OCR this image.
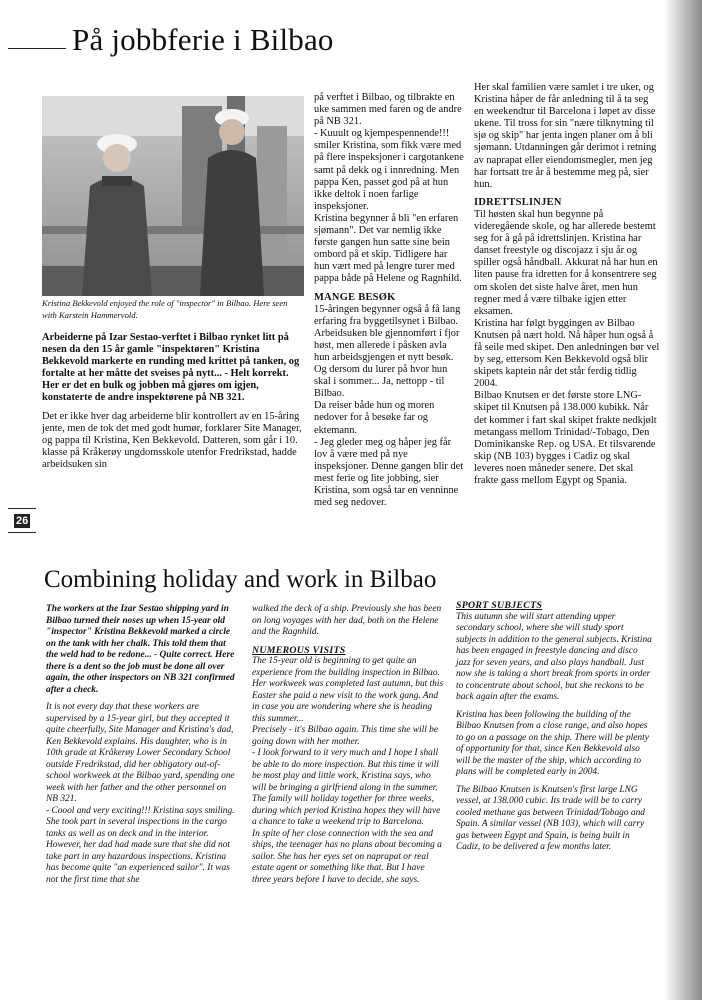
På jobbferie i Bilbao
Kristina Bekkevold enjoyed the role of "inspector" in Bilbao. Here seen with Karstein Hammervold.

Arbeiderne på Izar Sestao-verftet i Bilbao rynket litt på nesen da den 15 år gamle "inspektøren" Kristina Bekkevold markerte en runding med krittet på tanken, og fortalte at her måtte det sveises på nytt... - Helt korrekt. Her er det en bulk og jobben må gjøres om igjen, konstaterte de andre inspektørene på NB 321.

Det er ikke hver dag arbeiderne blir kontrollert av en 15-åring jente, men de tok det med godt humør, forklarer Site Manager, og pappa til Kristina, Ken Bekkevold. Datteren, som går i 10. klasse på Kråkerøy ungdomsskole utenfor Fredrikstad, hadde arbeidsuken sin

på verftet i Bilbao, og tilbrakte en uke sammen med faren og de andre på NB 321.

- Kuuult og kjempespennende!!! smiler Kristina, som fikk være med på flere inspeksjoner i cargotankene samt på dekk og i innredning. Men pappa Ken, passet god på at hun ikke deltok i noen farlige inspeksjoner.

Kristina begynner å bli "en erfaren sjømann". Det var nemlig ikke første gangen hun satte sine bein ombord på et skip. Tidligere har hun vært med på lengre turer med pappa både på Helene og Ragnhild.

MANGE BESØK

15-åringen begynner også å få lang erfaring fra byggetilsynet i Bilbao. Arbeidsuken ble gjennomført i fjor høst, men allerede i påsken avla hun arbeidsgjengen et nytt besøk. Og dersom du lurer på hvor hun skal i sommer... Ja, nettopp - til Bilbao.

Da reiser både hun og moren nedover for å besøke far og ektemann.

- Jeg gleder meg og håper jeg får lov å være med på nye inspeksjoner. Denne gangen blir det mest ferie og lite jobbing, sier Kristina, som også tar en venninne med seg nedover.

Her skal familien være samlet i tre uker, og Kristina håper de får anledning til å ta seg en weekendtur til Barcelona i løpet av disse ukene. Til tross for sin "nære tilknytning til sjø og skip" har jenta ingen planer om å bli sjømann. Utdanningen går derimot i retning av naprapat eller eiendomsmegler, men jeg har fortsatt tre år å bestemme meg på, sier hun.

IDRETTSLINJEN

Til høsten skal hun begynne på videregående skole, og har allerede bestemt seg for å gå på idrettslinjen. Kristina har danset freestyle og discojazz i sju år og spiller også håndball. Akkurat nå har hun en liten pause fra idretten for å konsentrere seg om skolen det siste halve året, men hun regner med å være tilbake igjen etter eksamen.

Kristina har følgt byggingen av Bilbao Knutsen på nært hold. Nå håper hun også å få seile med skipet. Den anledningen bør vel by seg, ettersom Ken Bekkevold også blir skipets kaptein når det står ferdig tidlig 2004.

Bilbao Knutsen er det første store LNG-skipet til Knutsen på 138.000 kubikk. Når det kommer i fart skal skipet frakte nedkjølt metangass mellom Trinidad/-Tobago, Den Dominikanske Rep. og USA. Et tilsvarende skip (NB 103) bygges i Cadiz og skal leveres noen måneder senere. Det skal frakte gass mellom Egypt og Spania.

26
Combining holiday and work in Bilbao

The workers at the Izar Sestao shipping yard in Bilbao turned their noses up when 15-year old "inspector" Kristina Bekkevold marked a circle on the tank with her chalk. This told them that the weld had to be redone... - Quite correct. Here there is a dent so the job must be done all over again, the other inspectors on NB 321 confirmed after a check.

It is not every day that these workers are supervised by a 15-year girl, but they accepted it quite cheerfully, Site Manager and Kristina's dad, Ken Bekkevold explains. His daughter, who is in 10th grade at Kråkerøy Lower Secondary School outside Fredrikstad, did her obligatory out-of-school workweek at the Bilbao yard, spending one week with her father and the other personnel on NB 321.

- Coool and very exciting!!! Kristina says smiling. She took part in several inspections in the cargo tanks as well as on deck and in the interior. However, her dad had made sure that she did not take part in any hazardous inspections. Kristina has become quite "an experienced sailor". It was not the first time that she

walked the deck of a ship. Previously she has been on long voyages with her dad, both on the Helene and the Ragnhild.

NUMEROUS VISITS

The 15-year old is beginning to get quite an experience from the building inspection in Bilbao. Her workweek was completed last autumn, but this Easter she paid a new visit to the work gang. And in case you are wondering where she is heading this summer...

Precisely - it's Bilbao again. This time she will be going down with her mother.

- I look forward to it very much and I hope I shall be able to do more inspection. But this time it will be most play and little work, Kristina says, who will be bringing a girlfriend along in the summer. The family will holiday together for three weeks, during which period Kristina hopes they will have a chance to take a weekend trip to Barcelona.

In spite of her close connection with the sea and ships, the teenager has no plans about becoming a sailor. She has her eyes set on naprapat or real estate agent or something like that. But I have three years before I have to decide, she says.

SPORT SUBJECTS

This autumn she will start attending upper secondary school, where she will study sport subjects in addition to the general subjects. Kristina has been engaged in freestyle dancing and disco jazz for seven years, and also plays handball. Just now she is taking a short break from sports in order to concentrate about school, but she reckons to be back again after the exams.

Kristina has been following the building of the Bilbao Knutsen from a close range, and also hopes to go on a passage on the ship. There will be plenty of opportunity for that, since Ken Bekkevold also will be the master of the ship, which according to plans will be completed early in 2004.

The Bilbao Knutsen is Knutsen's first large LNG vessel, at 138.000 cubic. Its trade will be to carry cooled methane gas between Trinidad/Tobago and Spain. A similar vessel (NB 103), which will carry gas between Egypt and Spain, is being built in Cadiz, to be delivered a few months later.
